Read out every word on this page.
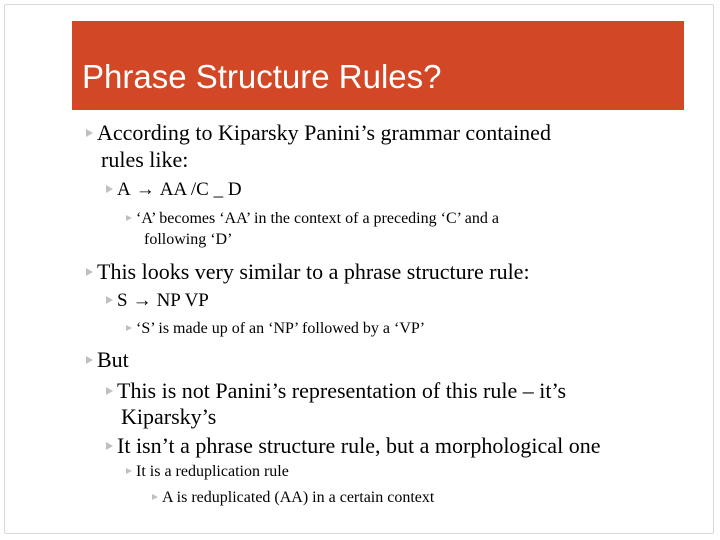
Phrase Structure Rules?
According to Kiparsky Panini’s grammar contained
rules like:
A → AA /C _ D
‘A’ becomes ‘AA’ in the context of a preceding ‘C’ and a
following ‘D’
This looks very similar to a phrase structure rule:
S → NP VP
‘S’ is made up of an ‘NP’ followed by a ‘VP’
But
This is not Panini’s representation of this rule – it’s
Kiparsky’s
It isn’t a phrase structure rule, but a morphological one
It is a reduplication rule
A is reduplicated (AA) in a certain context
